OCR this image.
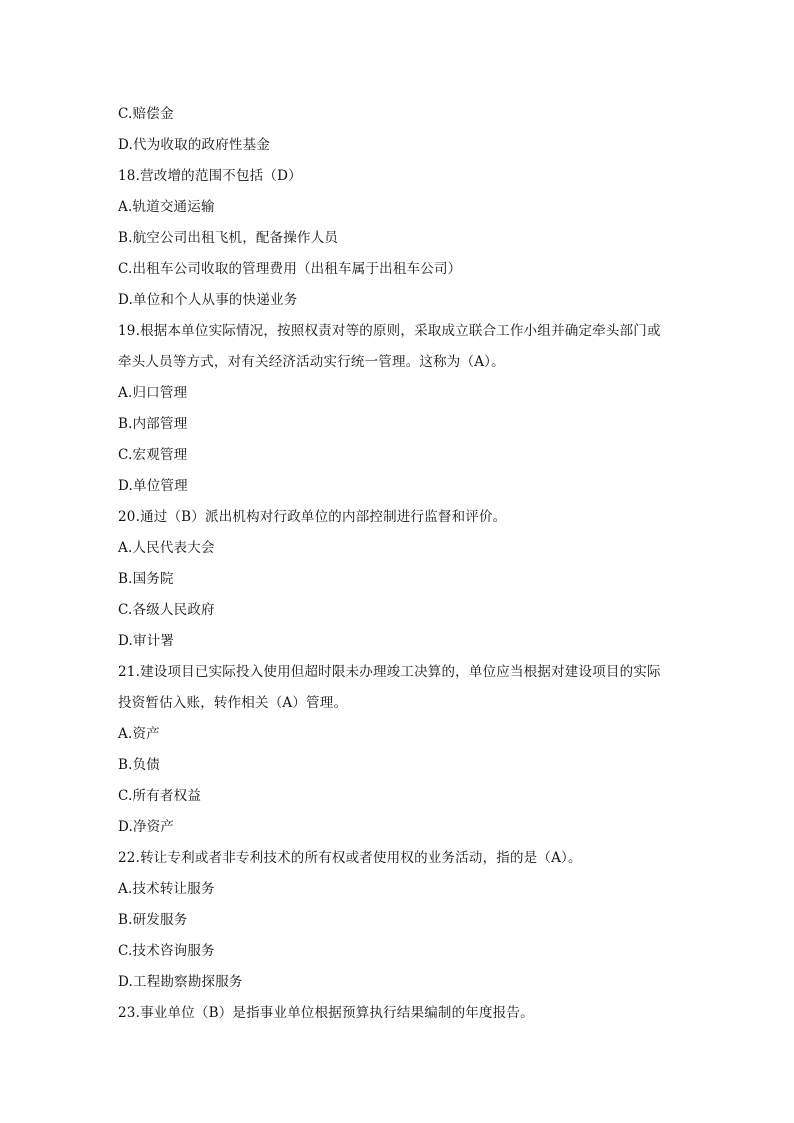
C.赔偿金
D.代为收取的政府性基金
18.营改增的范围不包括（D）
A.轨道交通运输
B.航空公司出租飞机，配备操作人员
C.出租车公司收取的管理费用（出租车属于出租车公司）
D.单位和个人从事的快递业务
19.根据本单位实际情况，按照权责对等的原则，采取成立联合工作小组并确定牵头部门或
牵头人员等方式，对有关经济活动实行统一管理。这称为（A）。
A.归口管理
B.内部管理
C.宏观管理
D.单位管理
20.通过（B）派出机构对行政单位的内部控制进行监督和评价。
A.人民代表大会
B.国务院
C.各级人民政府
D.审计署
21.建设项目已实际投入使用但超时限未办理竣工决算的，单位应当根据对建设项目的实际
投资暂估入账，转作相关（A）管理。
A.资产
B.负债
C.所有者权益
D.净资产
22.转让专利或者非专利技术的所有权或者使用权的业务活动，指的是（A）。
A.技术转让服务
B.研发服务
C.技术咨询服务
D.工程勘察勘探服务
23.事业单位（B）是指事业单位根据预算执行结果编制的年度报告。
